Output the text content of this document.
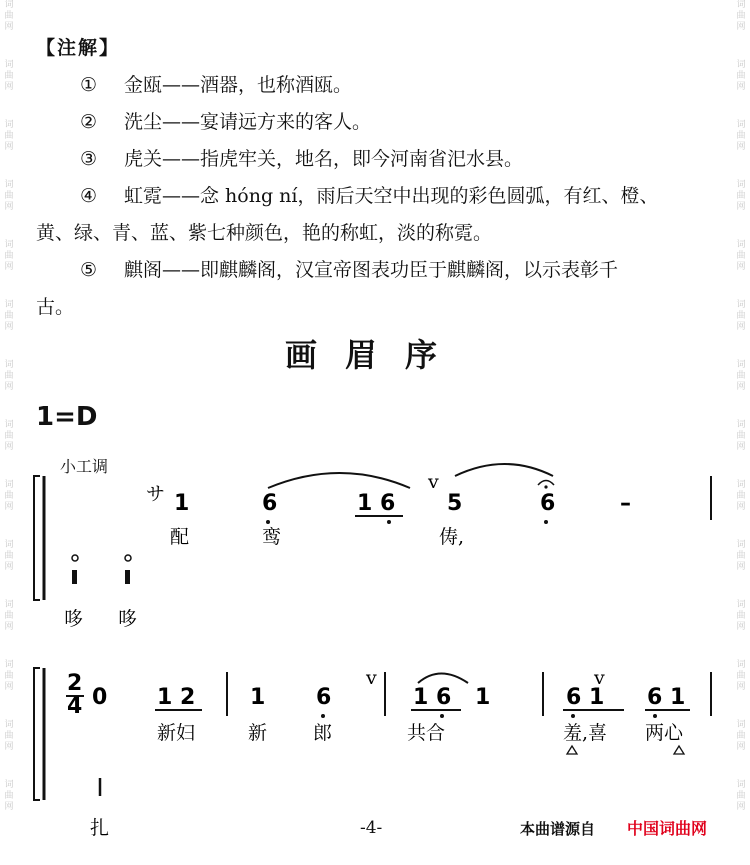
词
曲
网
词
曲
网
词
曲
网
词
曲
网
词
曲
网
词
曲
网
词
曲
网
词
曲
网
词
曲
网
词
曲
网
词
曲
网
词
曲
网
词
曲
网
词
曲
网
词
曲
网
词
曲
网
词
曲
网
词
曲
网
词
曲
网
词
曲
网
词
曲
网
词
曲
网
词
曲
网
词
曲
网
词
曲
网
词
曲
网
词
曲
网
词
曲
网
【注解】
① 金瓯——酒器，也称酒瓯。
② 洗尘——宴请远方来的客人。
③ 虎关——指虎牢关，地名，即今河南省汜水县。
④ 虹霓——念 hóng ní，雨后天空中出现的彩色圆弧，有红、橙、
黄、绿、青、蓝、紫七种颜色，艳的称虹，淡的称霓。
⑤ 麒阁——即麒麟阁，汉宣帝图表功臣于麒麟阁，以示表彰千
古。
画眉序
1=D
小工调
サ 1	6	1 6 5	6	–
v
配	鸾	俦,
哆 哆
2
4 0 1 2 1 6	1 6 1	6 1 6 1
v	v
新妇	新 郎	共合	羞,喜 两心
扎	-4-	本曲谱源自 中国词曲网
